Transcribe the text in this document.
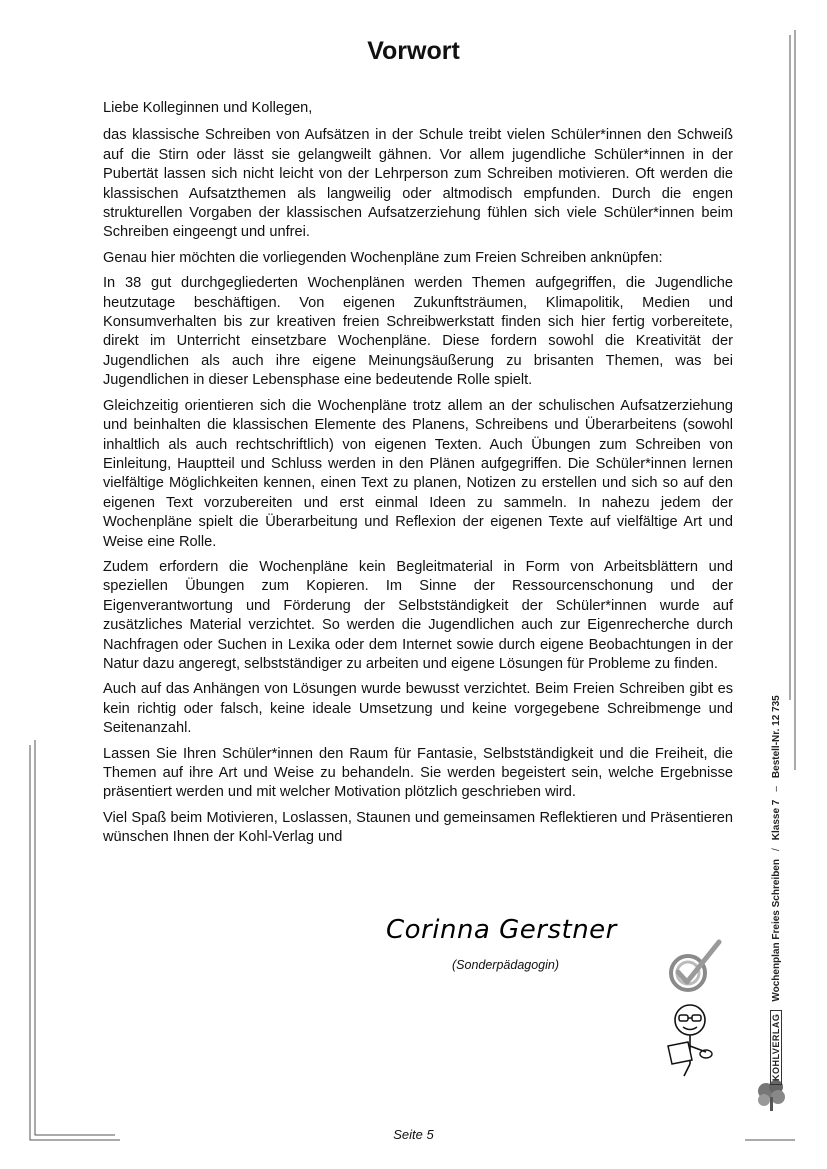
Vorwort

Liebe Kolleginnen und Kollegen,

das klassische Schreiben von Aufsätzen in der Schule treibt vielen Schüler*innen den Schweiß auf die Stirn oder lässt sie gelangweilt gähnen. Vor allem jugendliche Schüler*innen in der Pubertät lassen sich nicht leicht von der Lehrperson zum Schreiben motivieren. Oft werden die klassischen Aufsatzthemen als langweilig oder altmodisch empfunden. Durch die engen strukturellen Vorgaben der klassischen Aufsatzerziehung fühlen sich viele Schüler*innen beim Schreiben eingeengt und unfrei.

Genau hier möchten die vorliegenden Wochenpläne zum Freien Schreiben anknüpfen:

In 38 gut durchgegliederten Wochenplänen werden Themen aufgegriffen, die Jugendliche heutzutage beschäftigen. Von eigenen Zukunftsträumen, Klimapolitik, Medien und Konsumverhalten bis zur kreativen freien Schreibwerkstatt finden sich hier fertig vorbereitete, direkt im Unterricht einsetzbare Wochenpläne. Diese fordern sowohl die Kreativität der Jugendlichen als auch ihre eigene Meinungsäußerung zu brisanten Themen, was bei Jugendlichen in dieser Lebensphase eine bedeutende Rolle spielt.

Gleichzeitig orientieren sich die Wochenpläne trotz allem an der schulischen Aufsatzerziehung und beinhalten die klassischen Elemente des Planens, Schreibens und Überarbeitens (sowohl inhaltlich als auch rechtschriftlich) von eigenen Texten. Auch Übungen zum Schreiben von Einleitung, Hauptteil und Schluss werden in den Plänen aufgegriffen. Die Schüler*innen lernen vielfältige Möglichkeiten kennen, einen Text zu planen, Notizen zu erstellen und sich so auf den eigenen Text vorzubereiten und erst einmal Ideen zu sammeln. In nahezu jedem der Wochenpläne spielt die Überarbeitung und Reflexion der eigenen Texte auf vielfältige Art und Weise eine Rolle.

Zudem erfordern die Wochenpläne kein Begleitmaterial in Form von Arbeitsblättern und speziellen Übungen zum Kopieren. Im Sinne der Ressourcenschonung und der Eigenverantwortung und Förderung der Selbstständigkeit der Schüler*innen wurde auf zusätzliches Material verzichtet. So werden die Jugendlichen auch zur Eigenrecherche durch Nachfragen oder Suchen in Lexika oder dem Internet sowie durch eigene Beobachtungen in der Natur dazu angeregt, selbstständiger zu arbeiten und eigene Lösungen für Probleme zu finden.

Auch auf das Anhängen von Lösungen wurde bewusst verzichtet. Beim Freien Schreiben gibt es kein richtig oder falsch, keine ideale Umsetzung und keine vorgegebene Schreibmenge und Seitenanzahl.

Lassen Sie Ihren Schüler*innen den Raum für Fantasie, Selbstständigkeit und die Freiheit, die Themen auf ihre Art und Weise zu behandeln. Sie werden begeistert sein, welche Ergebnisse präsentiert werden und mit welcher Motivation plötzlich geschrieben wird.

Viel Spaß beim Motivieren, Loslassen, Staunen und gemeinsamen Reflektieren und Präsentieren wünschen Ihnen der Kohl-Verlag und

Corinna Gerstner
(Sonderpädagogin)
KOHLVERLAG
Wochenplan Freies Schreiben
/
Klasse 7
–
Bestell-Nr. 12 735
Seite 5
